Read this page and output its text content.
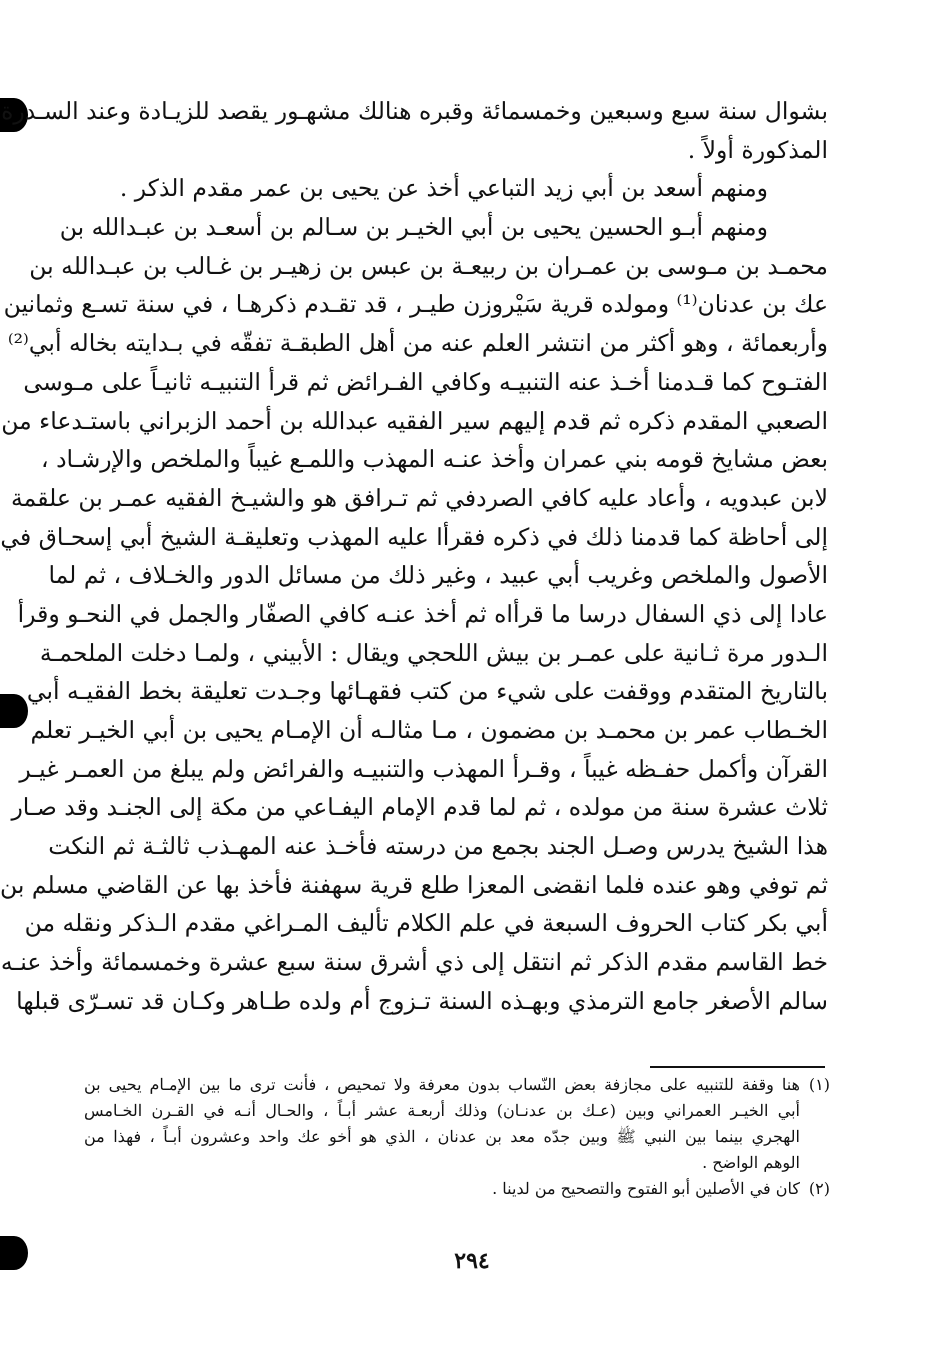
بشوال سنة سبع وسبعين وخمسمائة وقبره هنالك مشهـور يقصد للزيـادة وعند السـدرة
المذكورة أولاً .
ومنهم أسعد بن أبي زيد التباعي أخذ عن يحيى بن عمر مقدم الذكر .
ومنهم أبـو الحسين يحيى بن أبي الخيـر بن سـالم بن أسعـد بن عبـدالله بن
محمـد بن مـوسى بن عمـران بن ربيعـة بن عبس بن زهيـر بن غـالب بن عبـدالله بن
عك بن عدنان⁽¹⁾ ومولده قرية سَيْروزن طيـر ، قد تقـدم ذكرهـا ، في سنة تسـع وثمانين
وأربعمائة ، وهو أكثر من انتشر العلم عنه من أهل الطبقـة تفقّه في بـدايته بخاله أبي⁽²⁾
الفتـوح كما قـدمنا أخـذ عنه التنبيـه وكافي الفـرائض ثم قرأ التنبيـه ثانيـاً على مـوسى
الصعبي المقدم ذكره ثم قدم إليهم سير الفقيه عبدالله بن أحمد الزبراني باستـدعاء من
بعض مشايخ قومه بني عمران وأخذ عنـه المهذب واللمـع غيباً والملخص والإرشـاد ،
لابن عبدويه ، وأعاد عليه كافي الصردفي ثم تـرافق هو والشيـخ الفقيه عمـر بن علقمة
إلى أحاظة كما قدمنا ذلك في ذكره فقرأا عليه المهذب وتعليقـة الشيخ أبي إسحـاق في
الأصول والملخص وغريب أبي عبيد ، وغير ذلك من مسائل الدور والخـلاف ، ثم لما
عادا إلى ذي السفال درسا ما قرأاه ثم أخذ عنـه كافي الصفّار والجمل في النحـو وقرأ
الـدور مرة ثـانية على عمـر بن بيش اللحجي ويقال : الأبيني ، ولمـا دخلت الملحمـة
بالتاريخ المتقدم ووقفت على شيء من كتب فقهـائها وجـدت تعليقة بخط الفقيـه أبي
الخـطاب عمر بن محمـد بن مضمون ، مـا مثالـه أن الإمـام يحيى بن أبي الخيـر تعلم
القرآن وأكمل حفـظه غيباً ، وقـرأ المهذب والتنبيـه والفرائض ولم يبلغ من العمـر غيـر
ثلاث عشرة سنة من مولده ، ثم لما قدم الإمام اليفـاعي من مكة إلى الجنـد وقد صـار
هذا الشيخ يدرس وصـل الجند بجمع من درسته فأخـذ عنه المهـذب ثالثـة ثم النكت
ثم توفي وهو عنده فلما انقضى المعزا طلع قرية سهفنة فأخذ بها عن القاضي مسلم بن
أبي بكر كتاب الحروف السبعة في علم الكلام تأليف المـراغي مقدم الـذكر ونقله من
خط القاسم مقدم الذكر ثم انتقل إلى ذي أشرق سنة سبع عشرة وخمسمائة وأخذ عنـه
سالم الأصغر جامع الترمذي وبهـذه السنة تـزوج أم ولده طـاهر وكـان قد تسـرّى قبلها
(١)
هنا وقفة للتنبيه على مجازفة بعض النّساب بدون معرفة ولا تمحيص ، فأنت ترى ما بين الإمـام يحيى بن
أبي الخيـر العمراني وبين (عـك بن عدنـان) وذلك أربعـة عشر أبـاً ، والحـال أنـه في القـرن الخـامس
الهجري بينما بين النبي ﷺ وبين جدّه معد بن عدنان ، الذي هو أخو عك واحد وعشرون أبـاً ، فهذا من
الوهم الواضح .
(٢)
كان في الأصلين أبو الفتوح والتصحيح من لدينا .
٢٩٤
